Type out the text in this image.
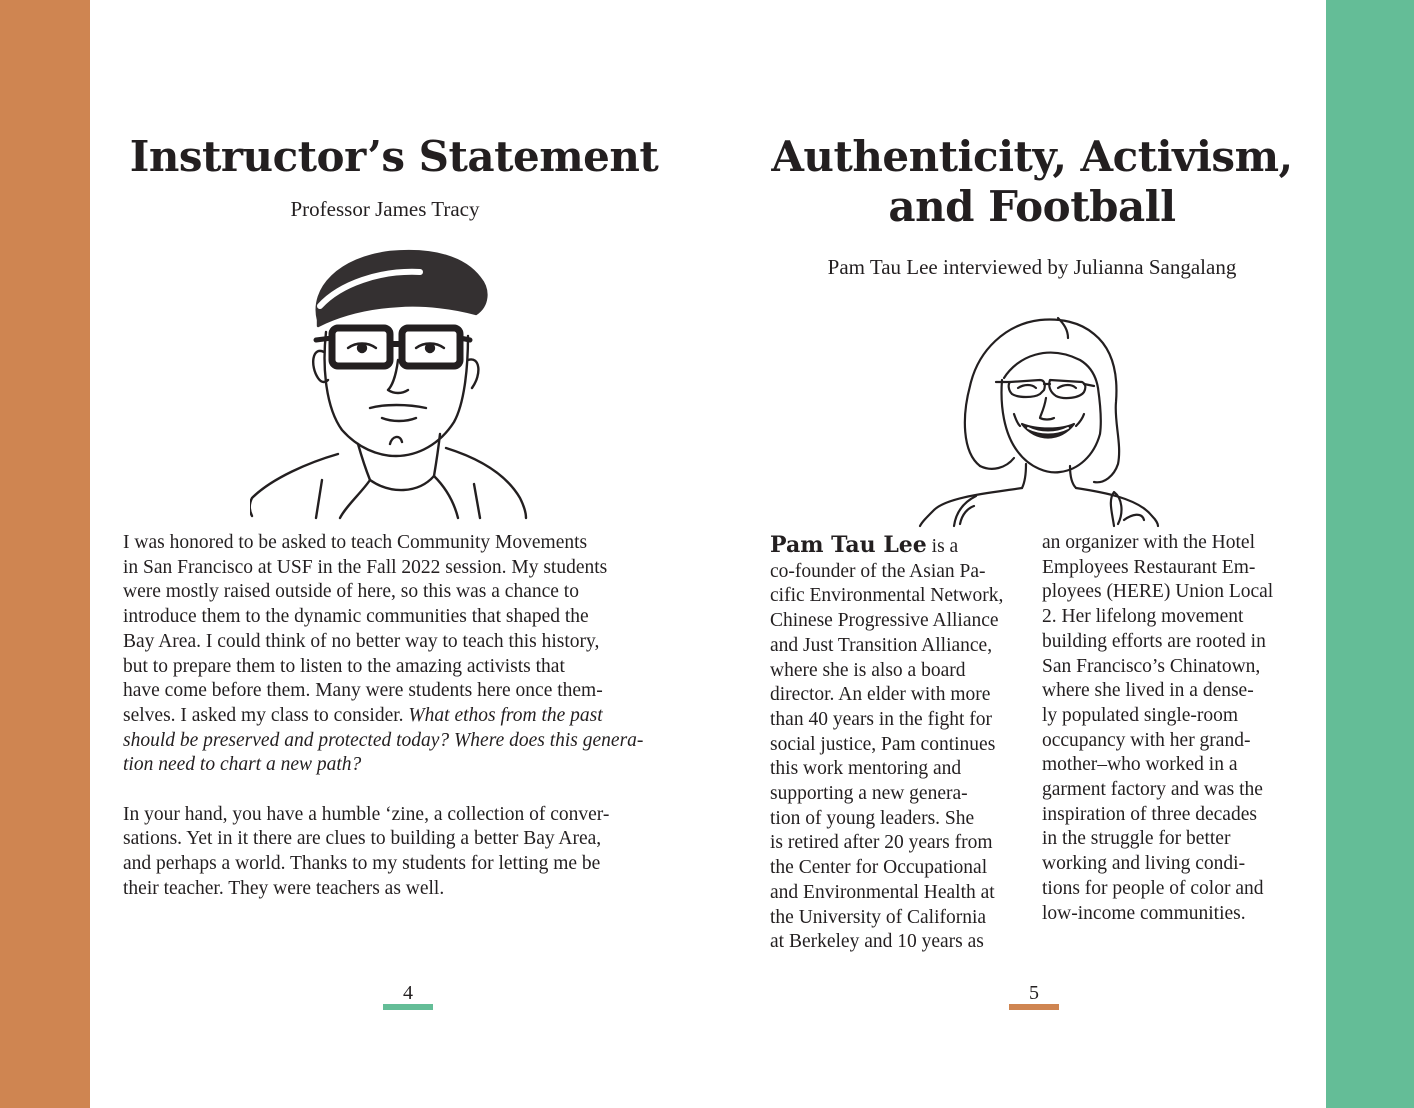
Instructor’s Statement

Professor James Tracy

I was honored to be asked to teach Community Movements

in San Francisco at USF in the Fall 2022 session. My students

were mostly raised outside of here, so this was a chance to

introduce them to the dynamic communities that shaped the

Bay Area. I could think of no better way to teach this history,

but to prepare them to listen to the amazing activists that

have come before them. Many were students here once them-

selves. I asked my class to consider. What ethos from the past

should be preserved and protected today? Where does this genera-

tion need to chart a new path?

In your hand, you have a humble ‘zine, a collection of conver-

sations. Yet in it there are clues to building a better Bay Area,

and perhaps a world. Thanks to my students for letting me be

their teacher. They were teachers as well.

4
Authenticity, Activism,
and Football

Pam Tau Lee interviewed by Julianna Sangalang

Pam Tau Lee is a

co-founder of the Asian Pa-

cific Environmental Network,

Chinese Progressive Alliance

and Just Transition Alliance,

where she is also a board

director. An elder with more

than 40 years in the fight for

social justice, Pam continues

this work mentoring and

supporting a new genera-

tion of young leaders. She

is retired after 20 years from

the Center for Occupational

and Environmental Health at

the University of California

at Berkeley and 10 years as

an organizer with the Hotel

Employees Restaurant Em-

ployees (HERE) Union Local

2. Her lifelong movement

building efforts are rooted in

San Francisco’s Chinatown,

where she lived in a dense-

ly populated single-room

occupancy with her grand-

mother–who worked in a

garment factory and was the

inspiration of three decades

in the struggle for better

working and living condi-

tions for people of color and

low-income communities.

5
